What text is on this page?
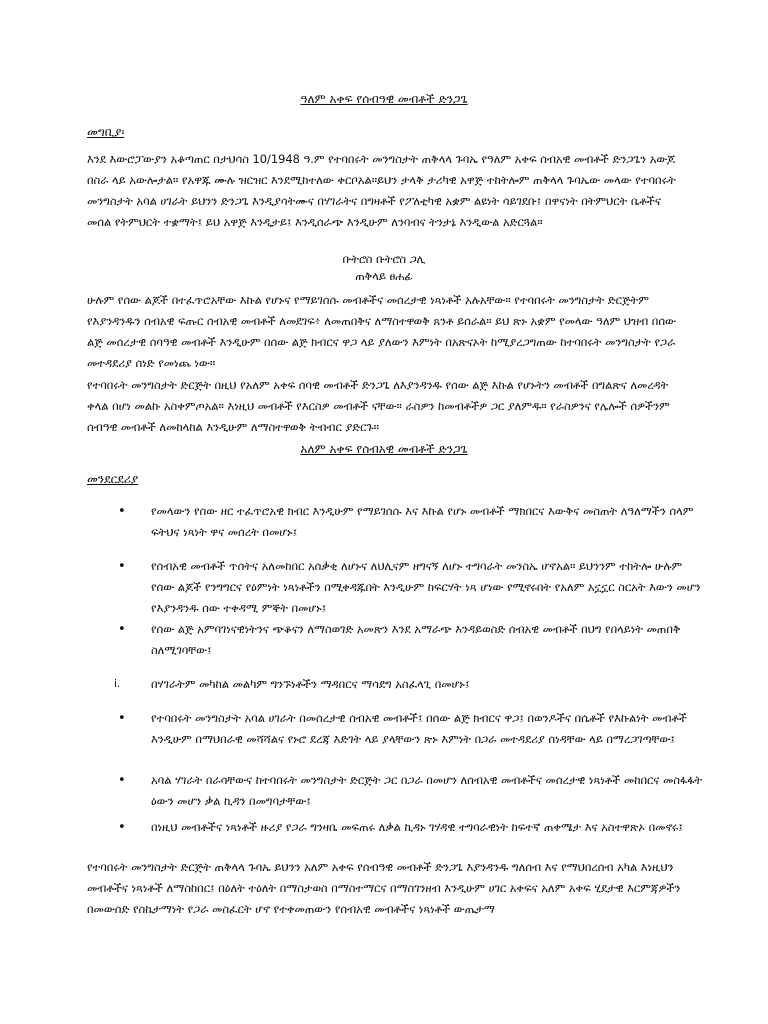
ዓለም አቀፍ የሰብዓዊ መብቶች ድንጋጌ
መግቢያ፡
እንደ እውሮፓውያን አቆጣጠር በታህሳስ 10/1948 ዓ.ም የተባበሩት መንግስታት ጠቅላላ ጉባኤ የዓለም አቀፍ ሰብአዊ መብቶች ድንጋጌን አውጆ በስራ ላይ አውሎታል። የአዋጁ ሙሉ ዝርዝር እንደሚከተለው ቀርቦአል።ይህን ታላቅ ታሪካዊ አዋጅ ተከትሎም ጠቅላላ ጉባኤው መላው የተባበሩት መንግስታት አባል ሀገራት ይህንን ድንጋጌ እንዲያሳትሙና በሃገራትና በግዛቶች የፖለቲካዊ አቋም ልዩነት ሳይገደቡ፤ በዋናነት በትምህርት ቤቶችና መሰል የትምህርት ተቋማት፤ ይህ አዋጅ እንዲታይ፤ እንዲሰራጭ እንዲሁም ለንባብና ትንታኔ እንዲውል አድርጓል።
ቡትሮስ ቡትሮስ ጋሊ
ጠቅላይ ፀሐፊ
ሁሉም የሰው ልጆች በተፈጥሮአቸው እኩል የሆኑና የማይገሰሱ መብቶችና መሰረታዊ ነጻነቶች አሉአቸው። የተባበሩት መንግስታት ድርጅትም የእያንዳንዱን ሰብአዊ ፍጡር ሰብአዊ መብቶች ለመደገፍ፥ ለመጠበቅና ለማስተዋወቅ ጸንቶ ይሰራል። ይህ ጽኑ አቋም የመላው ዓለም ህዝብ በሰው ልጅ መሰረታዊ ሰባዓዊ መብቶች እንዲሁም በሰው ልጅ ክብርና ዋጋ ላይ ያለውን እምነት በአጽናኦት ከሚያረጋግጠው ከተባበሩት መንግስታት የጋራ መተዳደሪያ ሰነድ የመነጨ ነው።
የተባበሩት መንግስታት ድርጅት በዚህ የአለም አቀፍ ሰባዊ መብቶች ድንጋጌ ለእያንዳንዱ የሰው ልጅ እኩል የሆኑትን መብቶች በግልጽና ለመረዳት ቀላል በሆነ መልኩ አስቀምጦአል። እነዚህ መብቶች የእርስዎ መብቶች ናቸው። ራስዎን ከመብቶችዎ ጋር ያለምዱ። የራስዎንና የሌሎች ሰዎችንም ሰብዓዊ መብቶች ለመከላከል እንዲሁም ለማስተዋወቅ ትብብር ያድርጉ።
አለም አቀፍ የሰብአዊ መብቶች ድንጋጌ
መንደርደሪያ
• የመላውን የሰው ዘር ተፈጥሮአዊ ክብር እንዲሁም የማይገሰሱ እና እኩል የሆኑ መብቶች ማክበርና እውቅና መስጠት ለዓለማችን ሰላም ፍትህና ነጻነት ዋና መሰረት በመሆኑ፤
• የሰብአዊ መብቶች ጥሰትና አለመከበር አሰቃቂ ለሆኑና ለህሊናም ዘግናኝ ለሆኑ ተግባራት መንስኤ ሆኖአል። ይህንንም ተከትሎ ሁሉም የሰው ልጆች የንግግርና የዕምነት ነጻነቶችን በሚቀዳጁበት እንዲሁም ከፍርሃት ነጻ ሆነው የሚኖሩበት የአለም አኗኗር ስርአት እውን መሆን የእያንዳንዱ ሰው ተቀዳሚ ምኞት በመሆኑ፤
• የሰው ልጅ አምባገነናዊነትንና ጭቆናን ለማስወገድ አመጽን እንደ አማራጭ እንዳይወስድ ሰብአዊ መብቶች በህግ የበላይነት መጠበቅ ስለሚገባቸው፤
i.	በሃገራትም መካከል መልካም ግንኙነቶችን ማዳበርና ማሳደግ አስፈላጊ በመሆኑ፤
• የተባበሩት መንግስታት አባል ሀገራት በመሰረታዊ ሰብአዊ መብቶች፤ በሰው ልጅ ክብርና ዋጋ፤ በወንዶችና በሴቶች የእኩልነት መብቶች እንዲሁም በማህበራዊ መሻሻልና የኑሮ ደረጃ እድገት ላይ ያላቸውን ጽኑ እምነት በጋራ መተዳደሪያ ሰነዳቸው ላይ በማረጋገጣቸው፤
• አባል ሃገራት በራሳቸውና ከተባበሩት መንግስታት ድርጅት ጋር በጋራ በመሆን ለሰብአዊ መብቶችና መሰረታዊ ነጻነቶች መከበርና መስፋፋት ዕውን መሆን ቃል ኪዳን በመግባታቸው፤
• በነዚህ መብቶችና ነጻነቶች ዙሪያ የጋራ ግንዛቤ መፍጠሩ ለቃል ኪዳኑ ገሃዳዊ ተግባራዊነት ከፍተኛ ጠቀሜታ እና አስተዋጽኦ በመኖሩ፤
የተባበሩት መንግስታት ድርጅት ጠቅላላ ጉባኤ ይህንን አለም አቀፍ የሰብዓዊ መብቶች ድንጋጌ እያንዳንዱ ግለሰብ እና የማህበረሰብ አካል እነዚህን መብቶችና ነጻነቶች ለማስከበር፤ በዕለት ተዕለት በማስታወስ በማስተማርና በማስገንዘብ እንዲሁም ሀገር አቀፍና አለም አቀፍ ሂደታዊ እርምጃዎችን በመውሰድ የስኬታማነት የጋራ መስፈርት ሆኖ የተቀመጠውን የሰብአዊ መብቶችና ነጻነቶች ውጤታማ
